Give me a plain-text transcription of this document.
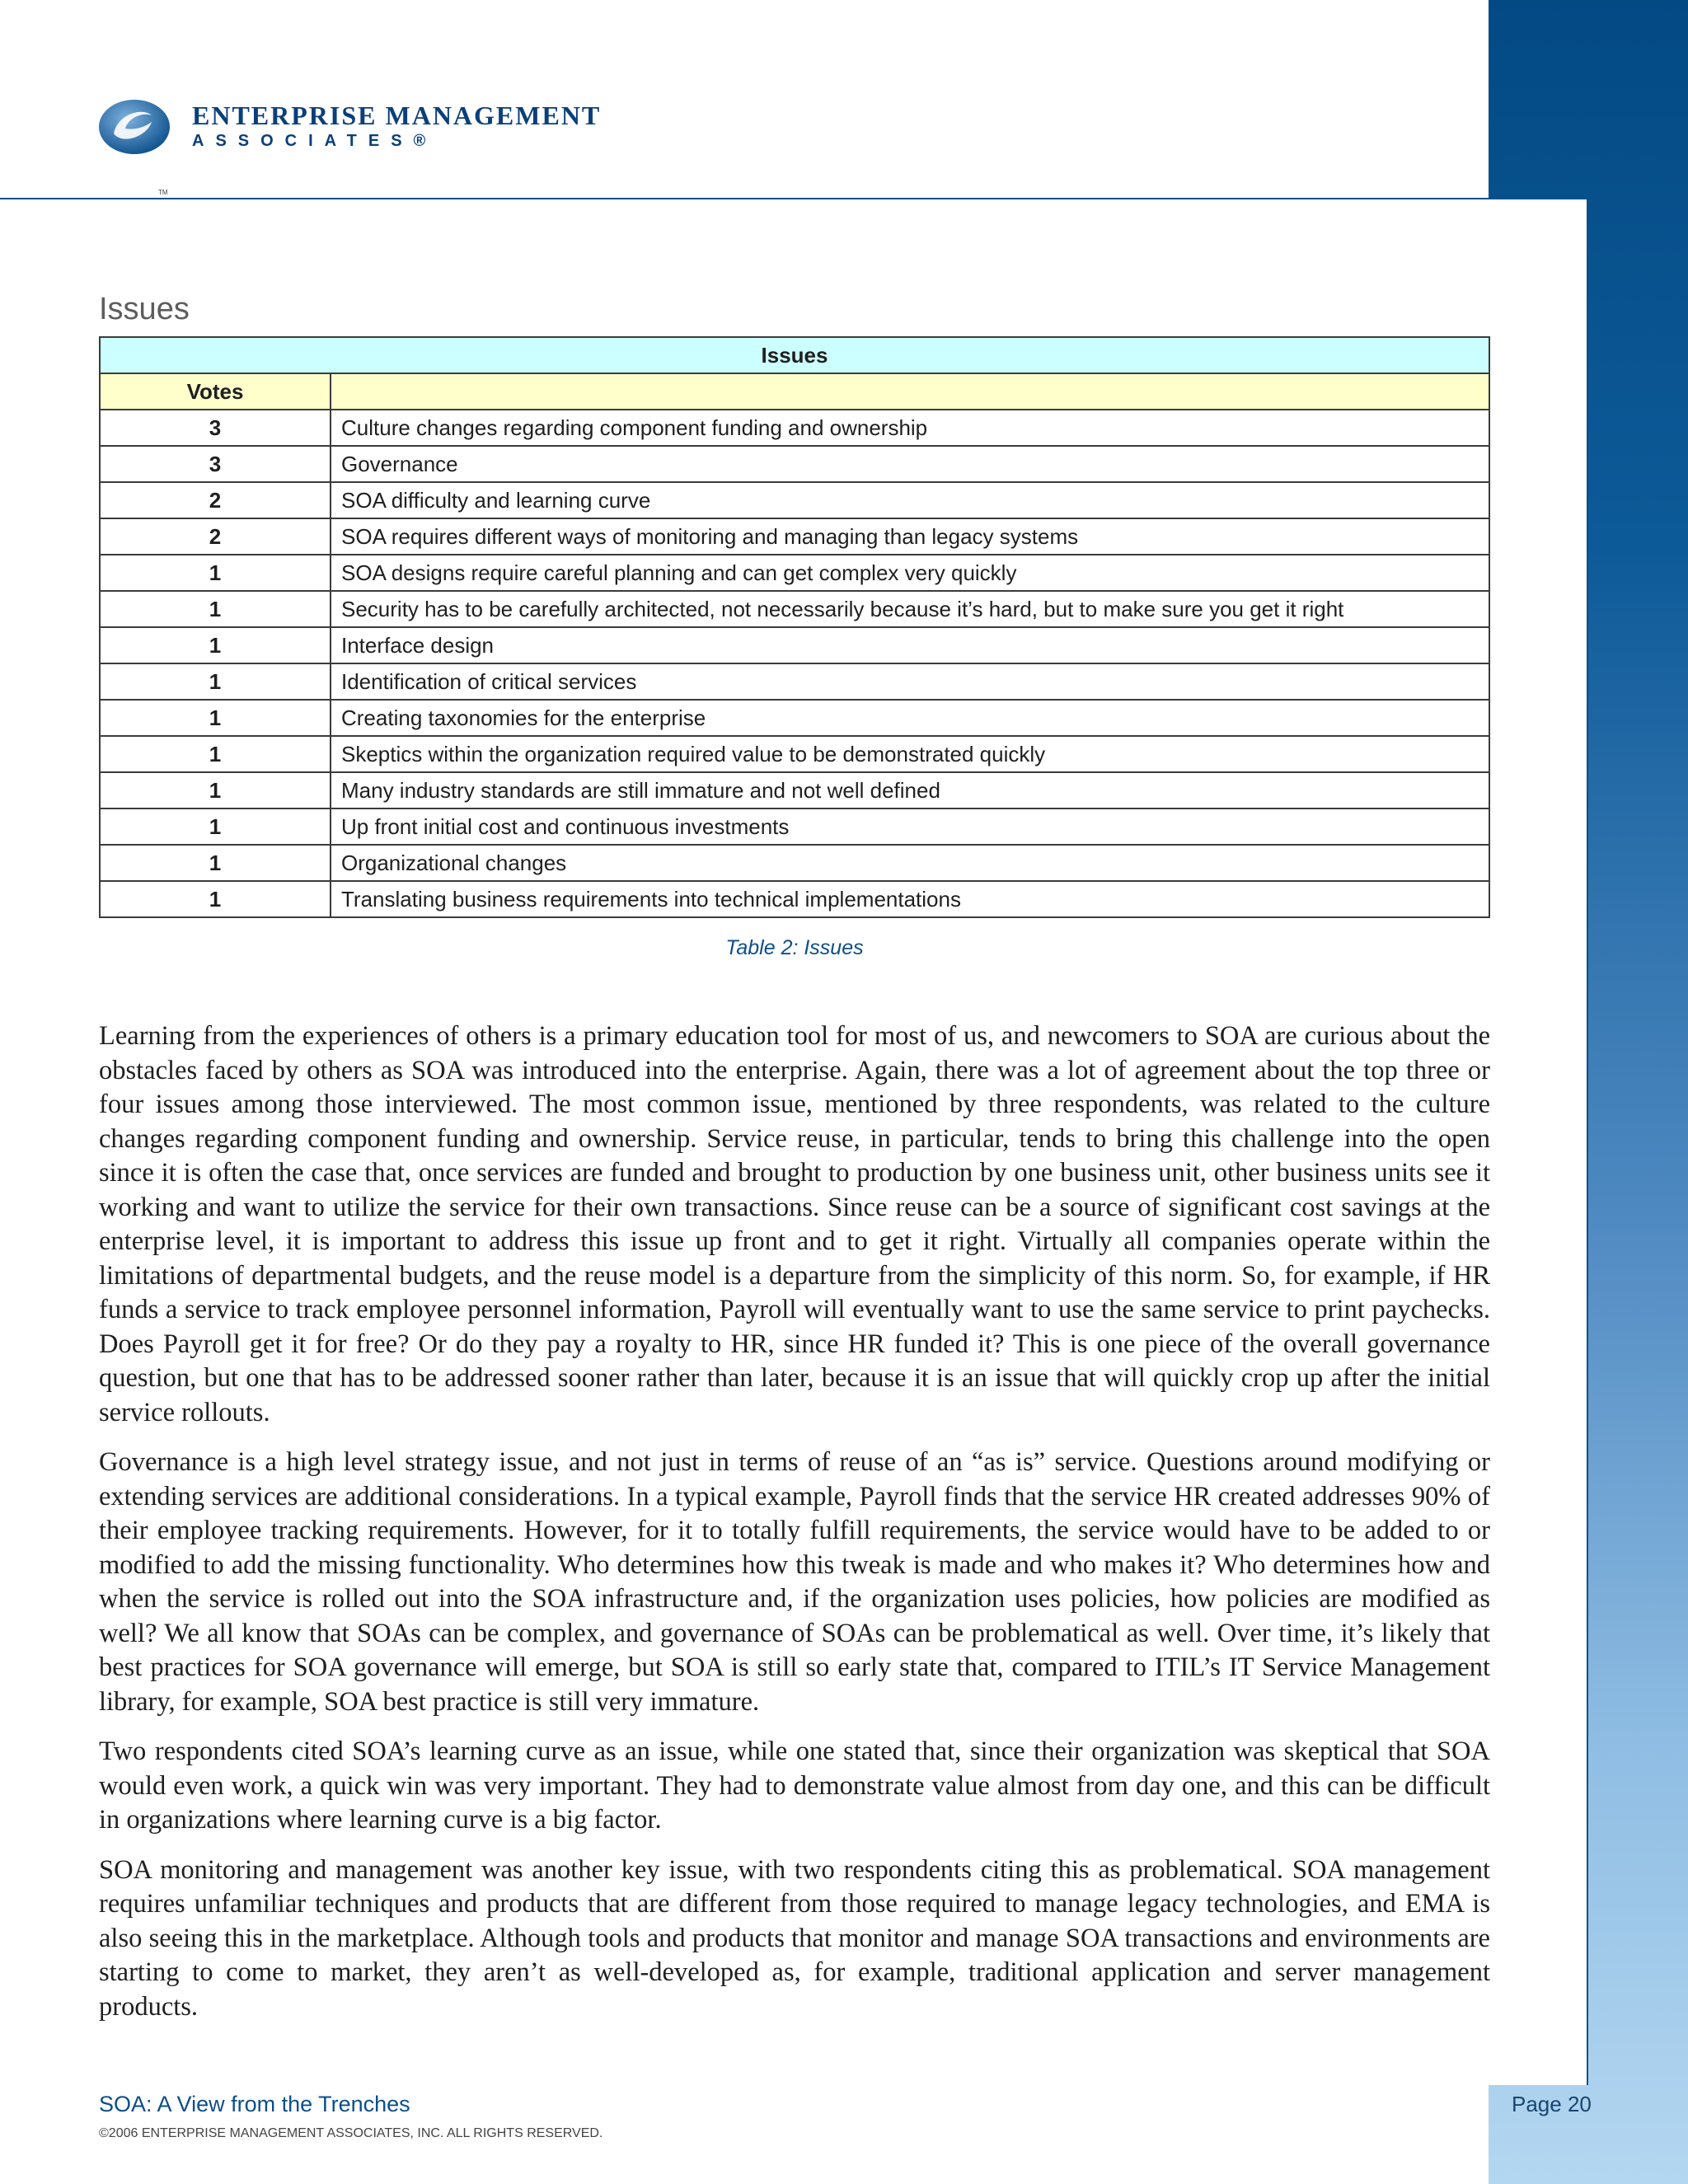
ENTERPRISE MANAGEMENT
ASSOCIATES®
TM
Issues
Issues	
Votes	
3	Culture changes regarding component funding and ownership
3	Governance
2	SOA difficulty and learning curve
2	SOA requires different ways of monitoring and managing than legacy systems
1	SOA designs require careful planning and can get complex very quickly
1	Security has to be carefully architected, not necessarily because it’s hard, but to make sure you get it right
1	Interface design
1	Identification of critical services
1	Creating taxonomies for the enterprise
1	Skeptics within the organization required value to be demonstrated quickly
1	Many industry standards are still immature and not well defined
1	Up front initial cost and continuous investments
1	Organizational changes
1	Translating business requirements into technical implementations
Table 2: Issues

Learning from the experiences of others is a primary education tool for most of us, and newcomers to SOA are curious about the obstacles faced by others as SOA was introduced into the enterprise. Again, there was a lot of agreement about the top three or four issues among those interviewed. The most common issue, mentioned by three respondents, was related to the culture changes regarding component funding and ownership. Service reuse, in particular, tends to bring this challenge into the open since it is often the case that, once services are funded and brought to production by one business unit, other business units see it working and want to utilize the service for their own transactions. Since reuse can be a source of significant cost savings at the enterprise level, it is important to address this issue up front and to get it right. Virtually all companies operate within the limitations of departmental budgets, and the reuse model is a departure from the simplicity of this norm. So, for example, if HR funds a service to track employee personnel information, Payroll will eventually want to use the same service to print paychecks. Does Payroll get it for free? Or do they pay a royalty to HR, since HR funded it? This is one piece of the overall governance question, but one that has to be addressed sooner rather than later, because it is an issue that will quickly crop up after the initial service rollouts.

Governance is a high level strategy issue, and not just in terms of reuse of an “as is” service. Questions around modifying or extending services are additional considerations. In a typical example, Payroll finds that the service HR created addresses 90% of their employee tracking requirements. However, for it to totally fulfill requirements, the service would have to be added to or modified to add the missing functionality. Who determines how this tweak is made and who makes it? Who determines how and when the service is rolled out into the SOA infrastructure and, if the organization uses policies, how policies are modified as well? We all know that SOAs can be complex, and governance of SOAs can be problematical as well. Over time, it’s likely that best practices for SOA governance will emerge, but SOA is still so early state that, compared to ITIL’s IT Service Management library, for example, SOA best practice is still very immature.

Two respondents cited SOA’s learning curve as an issue, while one stated that, since their organization was skeptical that SOA would even work, a quick win was very important. They had to demonstrate value almost from day one, and this can be difficult in organizations where learning curve is a big factor.

SOA monitoring and management was another key issue, with two respondents citing this as problematical. SOA management requires unfamiliar techniques and products that are different from those required to manage legacy technologies, and EMA is also seeing this in the marketplace. Although tools and products that monitor and manage SOA transactions and environments are starting to come to market, they aren’t as well-developed as, for example, traditional application and server management products.

SOA: A View from the Trenches
©2006 ENTERPRISE MANAGEMENT ASSOCIATES, INC. ALL RIGHTS RESERVED.
Page 20
